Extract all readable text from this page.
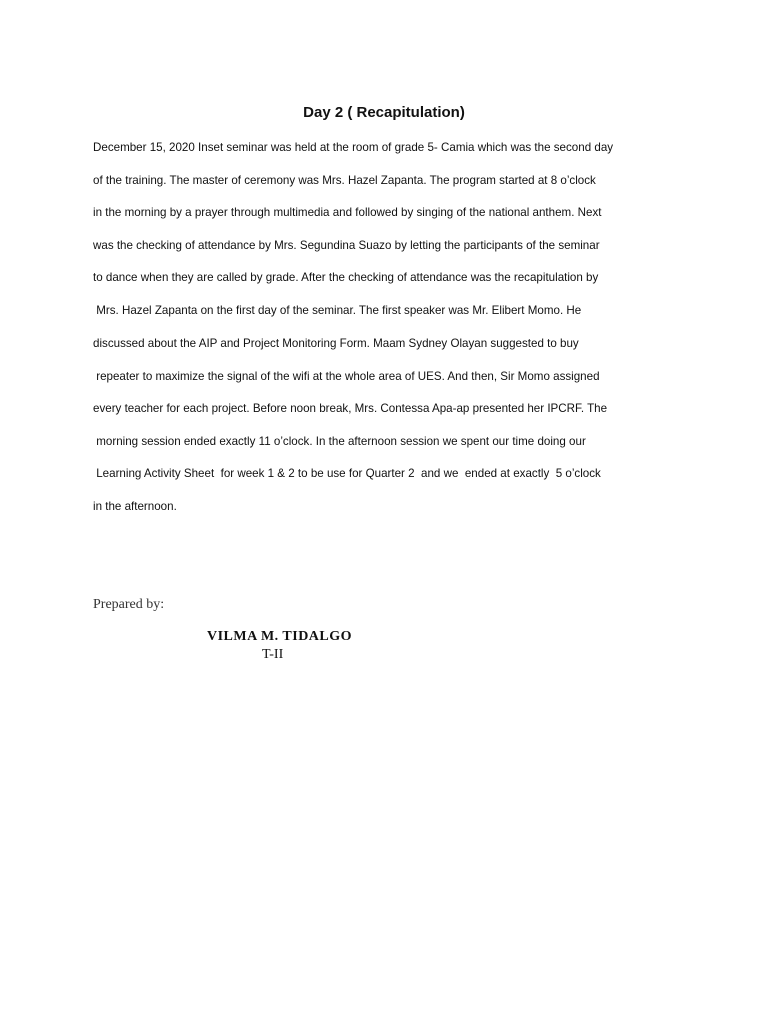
Day 2 ( Recapitulation)
December 15, 2020 Inset seminar was held at the room of grade 5- Camia which was the second day
of the training. The master of ceremony was Mrs. Hazel Zapanta. The program started at 8 o’clock
in the morning by a prayer through multimedia and followed by singing of the national anthem. Next
was the checking of attendance by Mrs. Segundina Suazo by letting the participants of the seminar
to dance when they are called by grade. After the checking of attendance was the recapitulation by
Mrs. Hazel Zapanta on the first day of the seminar. The first speaker was Mr. Elibert Momo. He
discussed about the AIP and Project Monitoring Form. Maam Sydney Olayan suggested to buy
repeater to maximize the signal of the wifi at the whole area of UES. And then, Sir Momo assigned
every teacher for each project. Before noon break, Mrs. Contessa Apa-ap presented her IPCRF. The
morning session ended exactly 11 o’clock. In the afternoon session we spent our time doing our
Learning Activity Sheet  for week 1 & 2 to be use for Quarter 2  and we  ended at exactly  5 o’clock
in the afternoon.
Prepared by:
VILMA M. TIDALGO
T-II
